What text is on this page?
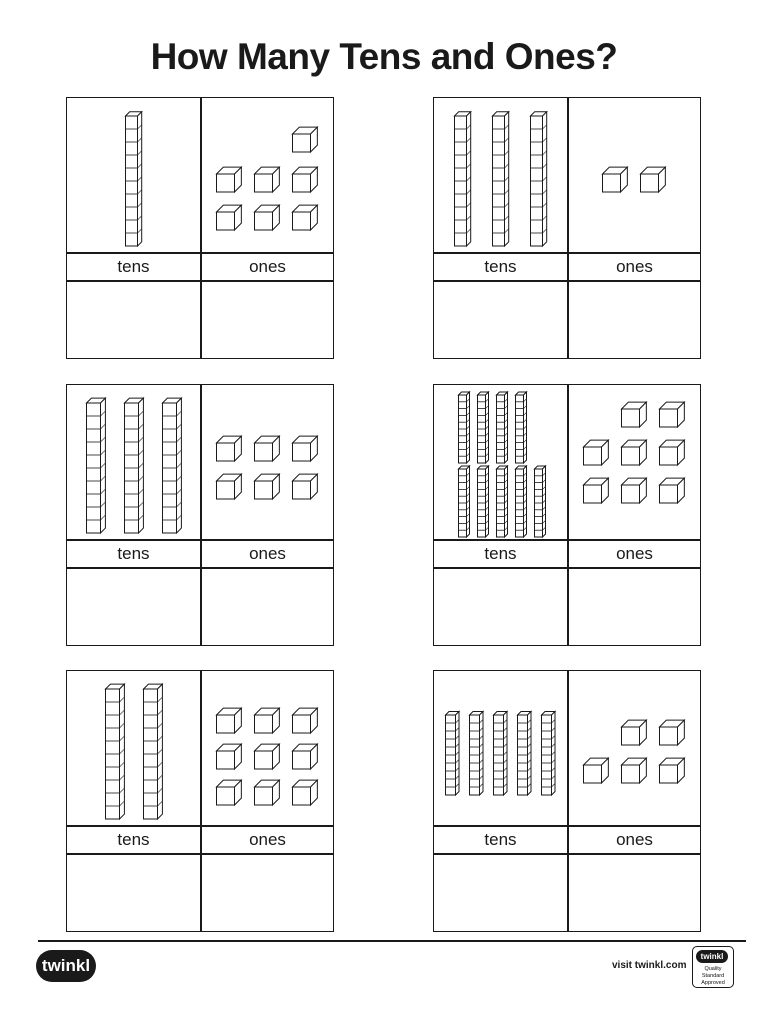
How Many Tens and Ones?
tens	ones	tens	ones
tens	ones	tens	ones
tens	ones	tens	ones
twinkl	visit twinkl.com
twinkl
Quality Standard Approved
